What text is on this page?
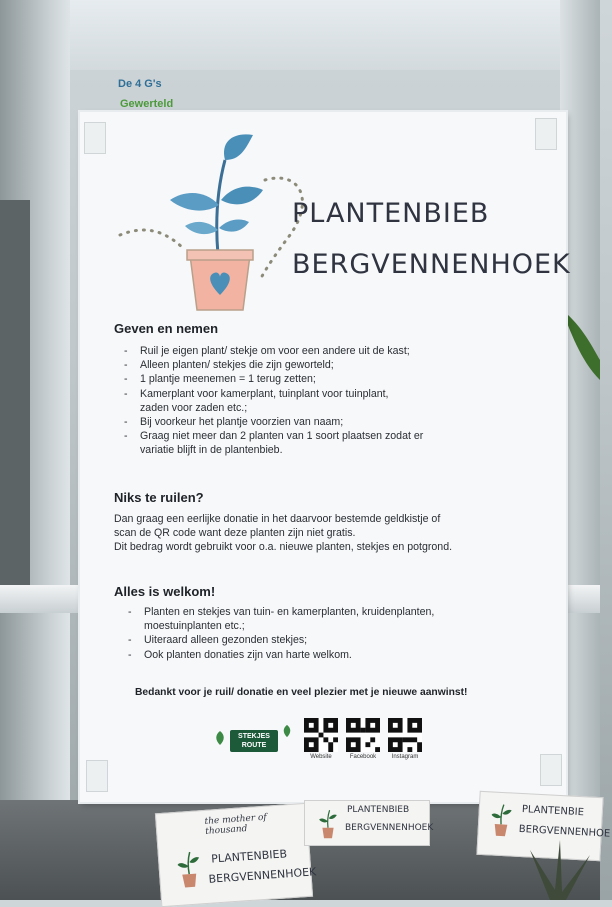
De 4 G's
Gewerteld
PLANTENBIEB
BERGVENNENHOEK
Geven en nemen
- Ruil je eigen plant/ stekje om voor een andere uit de kast;
- Alleen planten/ stekjes die zijn geworteld;
- 1 plantje meenemen = 1 terug zetten;
- Kamerplant voor kamerplant, tuinplant voor tuinplant,
zaden voor zaden etc.;
- Bij voorkeur het plantje voorzien van naam;
- Graag niet meer dan 2 planten van 1 soort plaatsen zodat er
variatie blijft in de plantenbieb.
Niks te ruilen?
Dan graag een eerlijke donatie in het daarvoor bestemde geldkistje of
scan de QR code want deze planten zijn niet gratis.
Dit bedrag wordt gebruikt voor o.a. nieuwe planten, stekjes en potgrond.
Alles is welkom!
- Planten en stekjes van tuin- en kamerplanten, kruidenplanten,
moestuinplanten etc.;
- Uiteraard alleen gezonden stekjes;
- Ook planten donaties zijn van harte welkom.
Bedankt voor je ruil/ donatie en veel plezier met je nieuwe aanwinst!
STEKJES
ROUTE
Website	Facebook	Instagram
the mother of thousand
PLANTENBIEB
BERGVENNENHOEK
PLANTENBIEB
BERGVENNENHOEK
PLANTENBIE
BERGVENNENHOE
